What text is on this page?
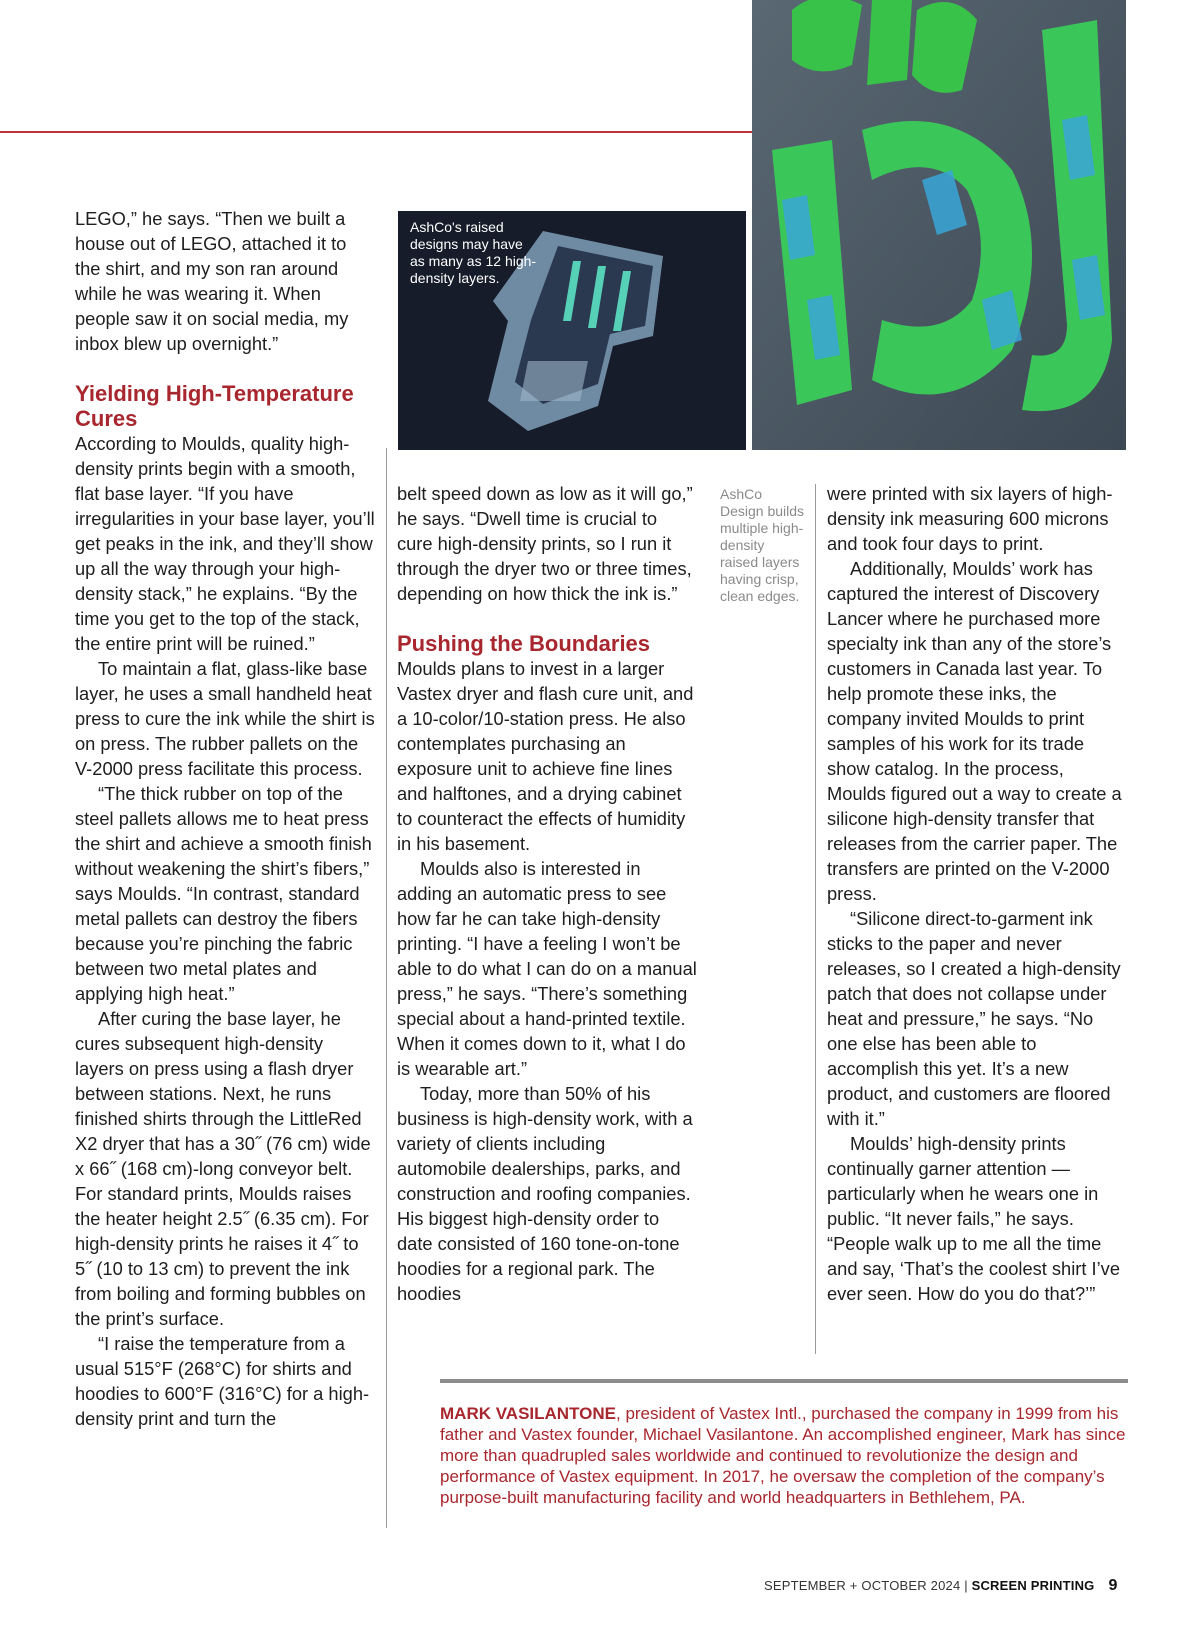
AshCo's raised designs may have as many as 12 high-density layers.

LEGO,” he says. “Then we built a house out of LEGO, attached it to the shirt, and my son ran around while he was wearing it. When people saw it on social media, my inbox blew up overnight.”

Yielding High-Temperature Cures

According to Moulds, quality high-density prints begin with a smooth, flat base layer. “If you have irregularities in your base layer, you’ll get peaks in the ink, and they’ll show up all the way through your high-density stack,” he explains. “By the time you get to the top of the stack, the entire print will be ruined.”

To maintain a flat, glass-like base layer, he uses a small handheld heat press to cure the ink while the shirt is on press. The rubber pallets on the V-2000 press facilitate this process.

“The thick rubber on top of the steel pallets allows me to heat press the shirt and achieve a smooth finish without weakening the shirt’s fibers,” says Moulds. “In contrast, standard metal pallets can destroy the fibers because you’re pinching the fabric between two metal plates and applying high heat.”

After curing the base layer, he cures subsequent high-density layers on press using a flash dryer between stations. Next, he runs finished shirts through the LittleRed X2 dryer that has a 30˝ (76 cm) wide x 66˝ (168 cm)-long conveyor belt. For standard prints, Moulds raises the heater height 2.5˝ (6.35 cm). For high-density prints he raises it 4˝ to 5˝ (10 to 13 cm) to prevent the ink from boiling and forming bubbles on the print’s surface.

“I raise the temperature from a usual 515°F (268°C) for shirts and hoodies to 600°F (316°C) for a high-density print and turn the

belt speed down as low as it will go,” he says. “Dwell time is crucial to cure high-density prints, so I run it through the dryer two or three times, depending on how thick the ink is.”

Pushing the Boundaries

Moulds plans to invest in a larger Vastex dryer and flash cure unit, and a 10-color/10-station press. He also contemplates purchasing an exposure unit to achieve fine lines and halftones, and a drying cabinet to counteract the effects of humidity in his basement.

Moulds also is interested in adding an automatic press to see how far he can take high-density printing. “I have a feeling I won’t be able to do what I can do on a manual press,” he says. “There’s something special about a hand-printed textile. When it comes down to it, what I do is wearable art.”

Today, more than 50% of his business is high-density work, with a variety of clients including automobile dealerships, parks, and construction and roofing companies. His biggest high-density order to date consisted of 160 tone-on-tone hoodies for a regional park. The hoodies

AshCo Design builds multiple high-density raised layers having crisp, clean edges.

were printed with six layers of high-density ink measuring 600 microns and took four days to print.

Additionally, Moulds’ work has captured the interest of Discovery Lancer where he purchased more specialty ink than any of the store’s customers in Canada last year. To help promote these inks, the company invited Moulds to print samples of his work for its trade show catalog. In the process, Moulds figured out a way to create a silicone high-density transfer that releases from the carrier paper. The transfers are printed on the V-2000 press.

“Silicone direct-to-garment ink sticks to the paper and never releases, so I created a high-density patch that does not collapse under heat and pressure,” he says. “No one else has been able to accomplish this yet. It’s a new product, and customers are floored with it.”

Moulds’ high-density prints continually garner attention — particularly when he wears one in public. “It never fails,” he says. “People walk up to me all the time and say, ‘That’s the coolest shirt I’ve ever seen. How do you do that?’”

MARK VASILANTONE, president of Vastex Intl., purchased the company in 1999 from his father and Vastex founder, Michael Vasilantone. An accomplished engineer, Mark has since more than quadrupled sales worldwide and continued to revolutionize the design and performance of Vastex equipment. In 2017, he oversaw the completion of the company’s purpose-built manufacturing facility and world headquarters in Bethlehem, PA.
SEPTEMBER + OCTOBER 2024 | SCREEN PRINTING 9
